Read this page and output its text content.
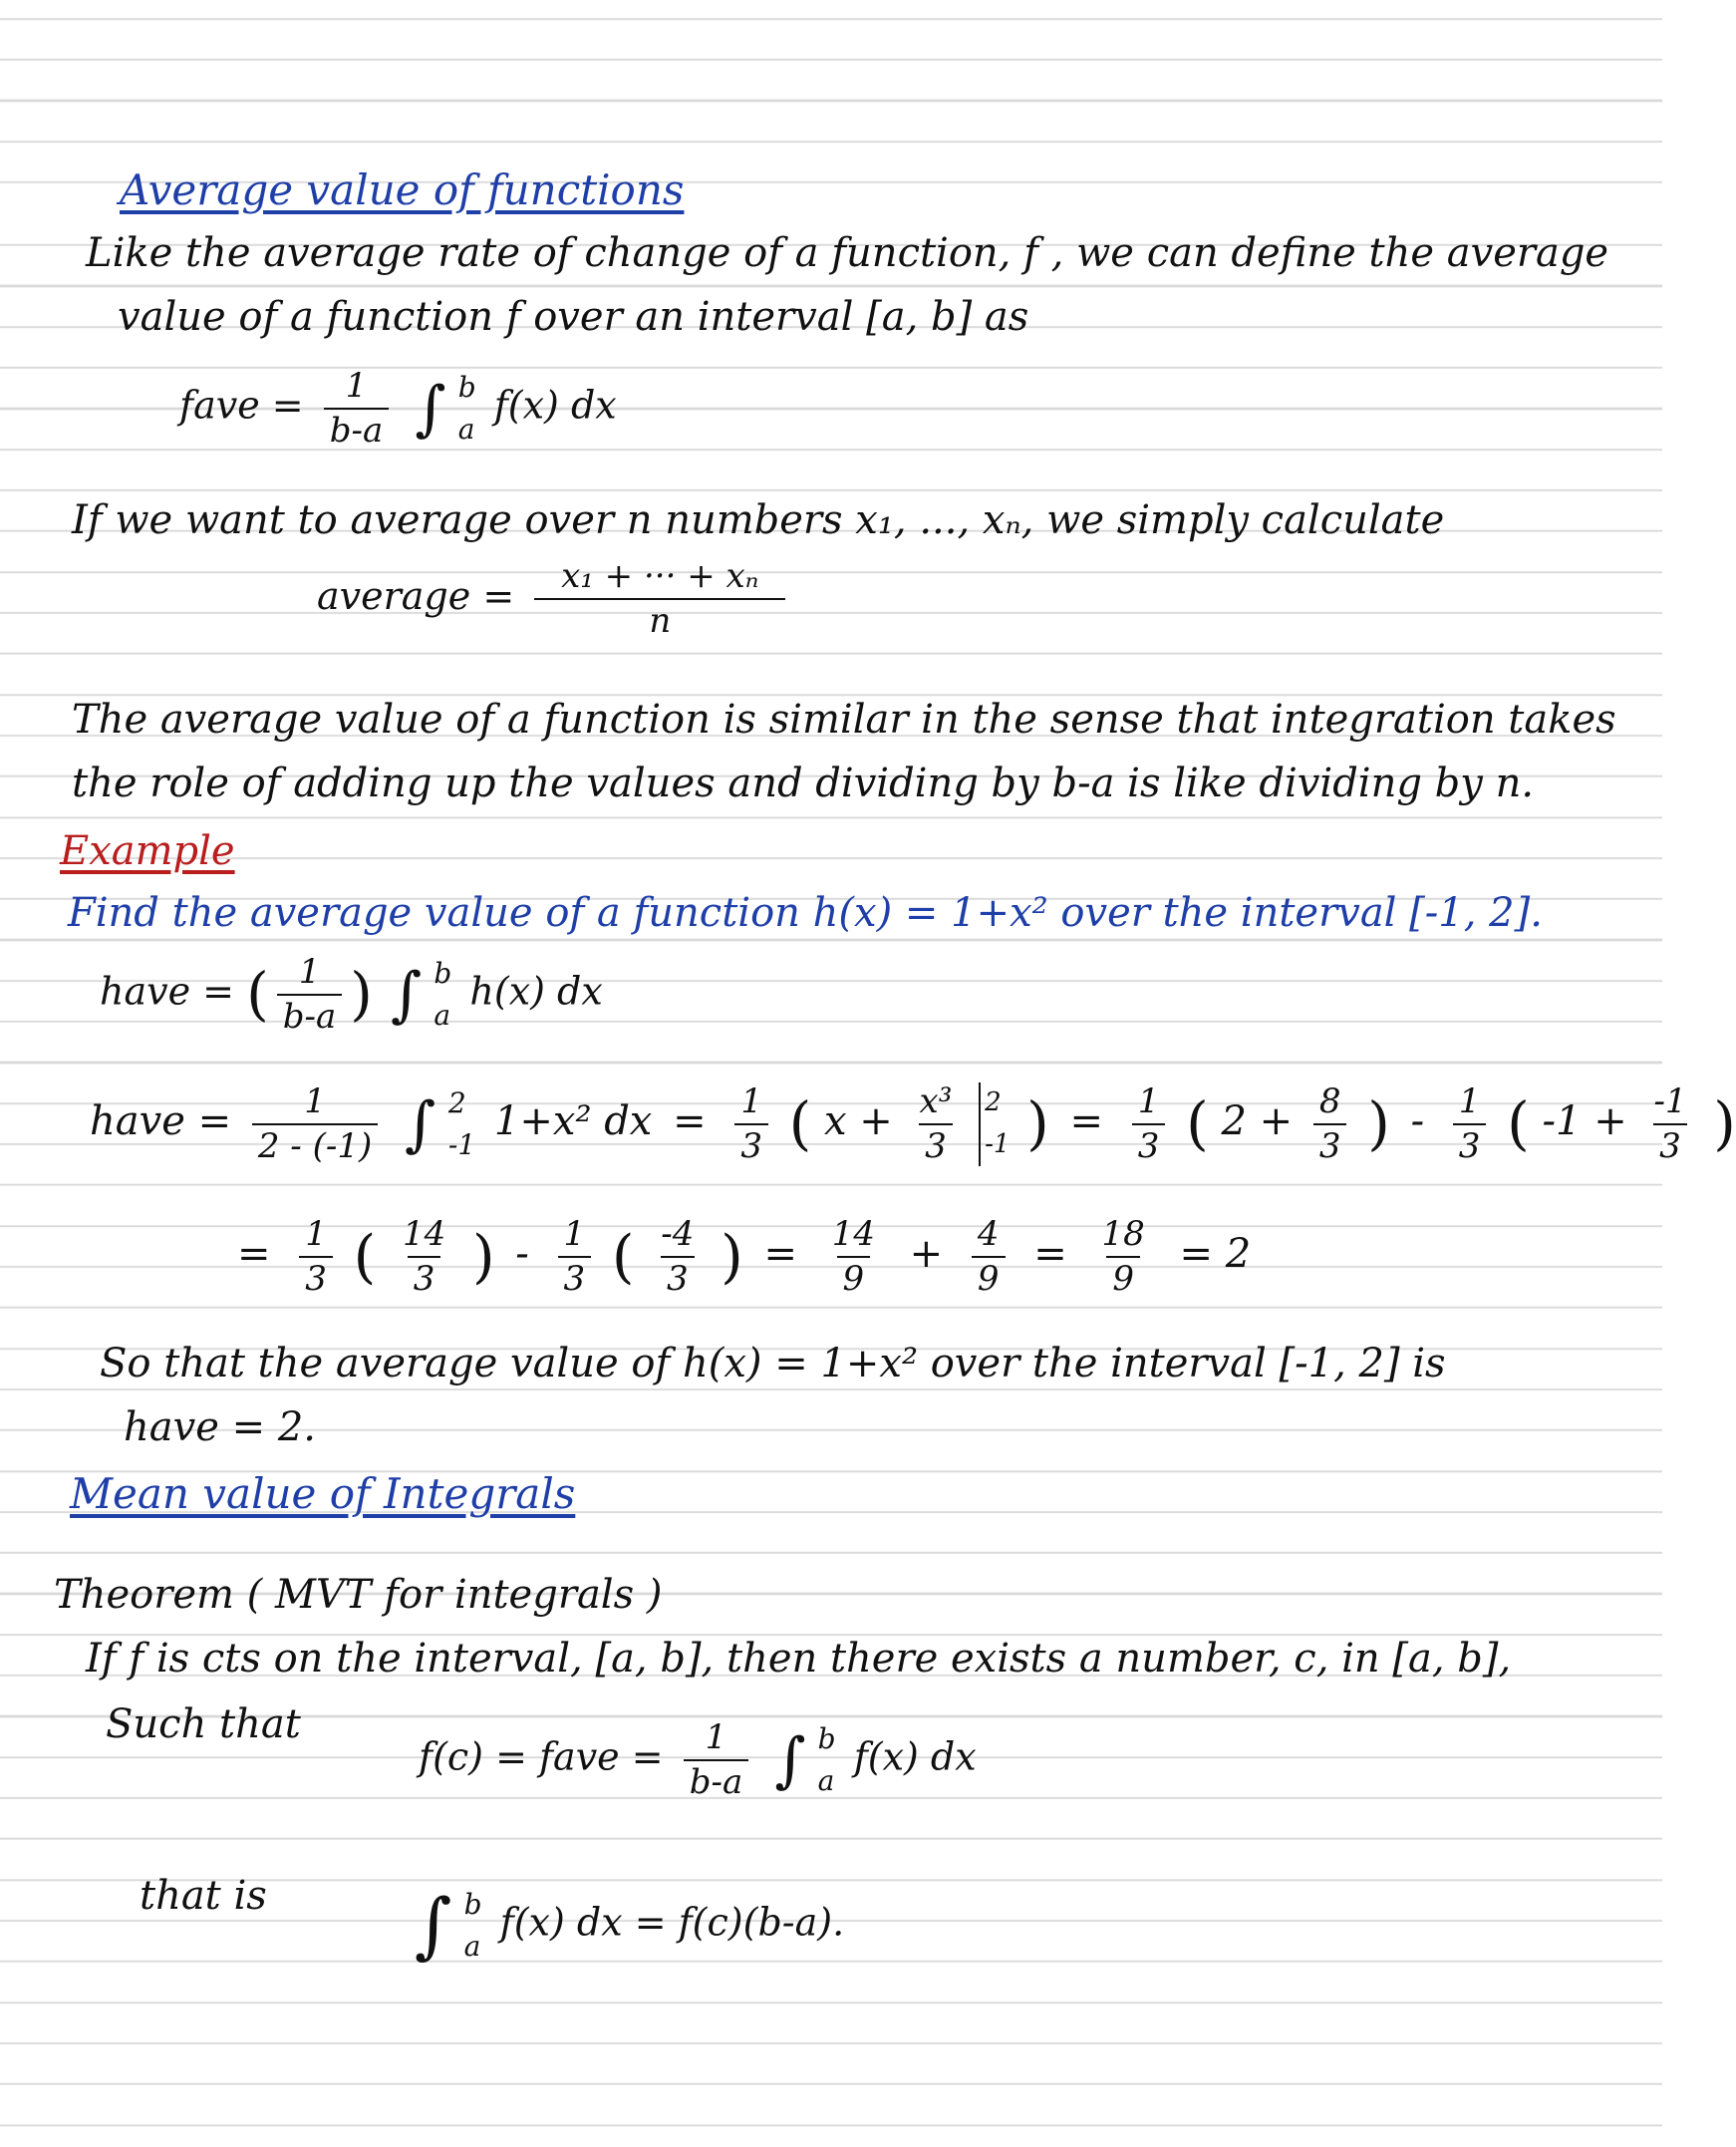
Average value of functions
Like the average rate of change of a function, f , we can define the average
value of a function f over an interval [a, b] as
fave = $\frac{1}{b-a}$ ∫ b
a
f(x) dx
If we want to average over n numbers x₁, ..., xₙ, we simply calculate
average = $\frac{\text{x₁ + ··· + xₙ}}{n}$
The average value of a function is similar in the sense that integration takes
the role of adding up the values and dividing by b-a is like dividing by n.
Example
Find the average value of a function h(x) = 1+x² over the interval [-1, 2].
have = ( $\frac{1}{b-a}$ ) ∫ b
a
h(x) dx
have = $\frac{1}{2 - (-1)}$ ∫ 2
-1
1+x² dx = $\frac{1}{3}$ ( $x + \frac{\text{x³}}{3}$
2
-1 ) = $\frac{1}{3}$ ( $2 + \frac{8}{3}$ ) - $\frac{1}{3}$ ( $-1 + \frac{-1}{3}$ )
= $\frac{1}{3}$ ( $\frac{14}{3}$ ) - $\frac{1}{3}$ ( $\frac{-4}{3}$ ) = $\frac{14}{9} + \frac{4}{9} = \frac{18}{9} = 2$
So that the average value of h(x) = 1+x² over the interval [-1, 2] is
have = 2.
Mean value of Integrals
Theorem ( MVT for integrals )
If f is cts on the interval, [a, b], then there exists a number, c, in [a, b],
Such that
f(c) = fave = $\frac{1}{b-a}$ ∫ b
a
f(x) dx
that is ∫ b
a
f(x) dx = f(c)(b-a).
